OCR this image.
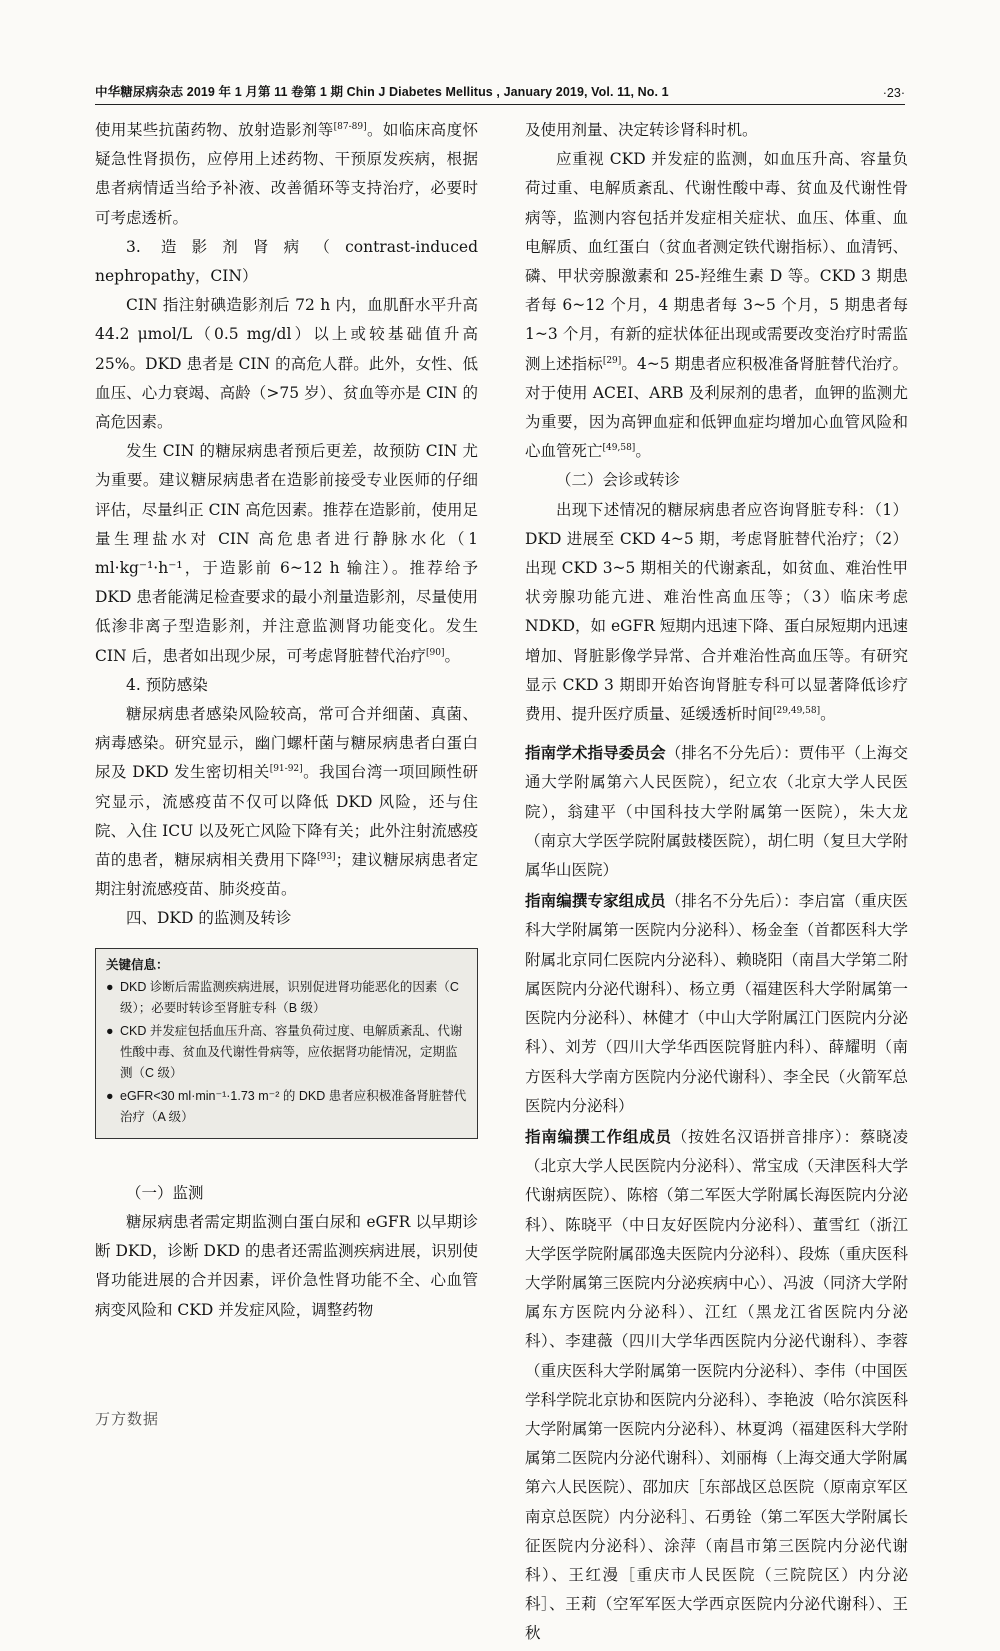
中华糖尿病杂志 2019 年 1 月第 11 卷第 1 期 Chin J Diabetes Mellitus , January 2019, Vol. 11, No. 1	·23·

使用某些抗菌药物、放射造影剂等[87-89]。如临床高度怀疑急性肾损伤，应停用上述药物、干预原发疾病，根据患者病情适当给予补液、改善循环等支持治疗，必要时可考虑透析。

3. 造影剂肾病（contrast-induced nephropathy，CIN）

CIN 指注射碘造影剂后 72 h 内，血肌酐水平升高 44.2 μmol/L（0.5 mg/dl）以上或较基础值升高 25%。DKD 患者是 CIN 的高危人群。此外，女性、低血压、心力衰竭、高龄（>75 岁）、贫血等亦是 CIN 的高危因素。

发生 CIN 的糖尿病患者预后更差，故预防 CIN 尤为重要。建议糖尿病患者在造影前接受专业医师的仔细评估，尽量纠正 CIN 高危因素。推荐在造影前，使用足量生理盐水对 CIN 高危患者进行静脉水化（1 ml·kg⁻¹·h⁻¹，于造影前 6~12 h 输注）。推荐给予 DKD 患者能满足检查要求的最小剂量造影剂，尽量使用低渗非离子型造影剂，并注意监测肾功能变化。发生 CIN 后，患者如出现少尿，可考虑肾脏替代治疗[90]。

4. 预防感染

糖尿病患者感染风险较高，常可合并细菌、真菌、病毒感染。研究显示，幽门螺杆菌与糖尿病患者白蛋白尿及 DKD 发生密切相关[91-92]。我国台湾一项回顾性研究显示，流感疫苗不仅可以降低 DKD 风险，还与住院、入住 ICU 以及死亡风险下降有关；此外注射流感疫苗的患者，糖尿病相关费用下降[93]；建议糖尿病患者定期注射流感疫苗、肺炎疫苗。

四、DKD 的监测及转诊
关键信息：
● DKD 诊断后需监测疾病进展，识别促进肾功能恶化的因素（C 级）；必要时转诊至肾脏专科（B 级）
● CKD 并发症包括血压升高、容量负荷过度、电解质紊乱、代谢性酸中毒、贫血及代谢性骨病等，应依据肾功能情况，定期监测（C 级）
● eGFR<30 ml·min⁻¹·1.73 m⁻² 的 DKD 患者应积极准备肾脏替代治疗（A 级）
（一）监测

糖尿病患者需定期监测白蛋白尿和 eGFR 以早期诊断 DKD，诊断 DKD 的患者还需监测疾病进展，识别使肾功能进展的合并因素，评价急性肾功能不全、心血管病变风险和 CKD 并发症风险，调整药物

及使用剂量、决定转诊肾科时机。

应重视 CKD 并发症的监测，如血压升高、容量负荷过重、电解质紊乱、代谢性酸中毒、贫血及代谢性骨病等，监测内容包括并发症相关症状、血压、体重、血电解质、血红蛋白（贫血者测定铁代谢指标）、血清钙、磷、甲状旁腺激素和 25-羟维生素 D 等。CKD 3 期患者每 6~12 个月，4 期患者每 3~5 个月，5 期患者每 1~3 个月，有新的症状体征出现或需要改变治疗时需监测上述指标[29]。4~5 期患者应积极准备肾脏替代治疗。对于使用 ACEI、ARB 及利尿剂的患者，血钾的监测尤为重要，因为高钾血症和低钾血症均增加心血管风险和心血管死亡[49,58]。

（二）会诊或转诊

出现下述情况的糖尿病患者应咨询肾脏专科：（1）DKD 进展至 CKD 4~5 期，考虑肾脏替代治疗；（2）出现 CKD 3~5 期相关的代谢紊乱，如贫血、难治性甲状旁腺功能亢进、难治性高血压等；（3）临床考虑 NDKD，如 eGFR 短期内迅速下降、蛋白尿短期内迅速增加、肾脏影像学异常、合并难治性高血压等。有研究显示 CKD 3 期即开始咨询肾脏专科可以显著降低诊疗费用、提升医疗质量、延缓透析时间[29,49,58]。

指南学术指导委员会（排名不分先后）：贾伟平（上海交通大学附属第六人民医院），纪立农（北京大学人民医院），翁建平（中国科技大学附属第一医院），朱大龙（南京大学医学院附属鼓楼医院），胡仁明（复旦大学附属华山医院）

指南编撰专家组成员（排名不分先后）：李启富（重庆医科大学附属第一医院内分泌科）、杨金奎（首都医科大学附属北京同仁医院内分泌科）、赖晓阳（南昌大学第二附属医院内分泌代谢科）、杨立勇（福建医科大学附属第一医院内分泌科）、林健才（中山大学附属江门医院内分泌科）、刘芳（四川大学华西医院肾脏内科）、薛耀明（南方医科大学南方医院内分泌代谢科）、李全民（火箭军总医院内分泌科）

指南编撰工作组成员（按姓名汉语拼音排序）：蔡晓凌（北京大学人民医院内分泌科）、常宝成（天津医科大学代谢病医院）、陈榕（第二军医大学附属长海医院内分泌科）、陈晓平（中日友好医院内分泌科）、董雪红（浙江大学医学院附属邵逸夫医院内分泌科）、段炼（重庆医科大学附属第三医院内分泌疾病中心）、冯波（同济大学附属东方医院内分泌科）、江红（黑龙江省医院内分泌科）、李建薇（四川大学华西医院内分泌代谢科）、李蓉（重庆医科大学附属第一医院内分泌科）、李伟（中国医学科学院北京协和医院内分泌科）、李艳波（哈尔滨医科大学附属第一医院内分泌科）、林夏鸿（福建医科大学附属第二医院内分泌代谢科）、刘丽梅（上海交通大学附属第六人民医院）、邵加庆［东部战区总医院（原南京军区南京总医院）内分泌科］、石勇铨（第二军医大学附属长征医院内分泌科）、涂萍（南昌市第三医院内分泌代谢科）、王红漫［重庆市人民医院（三院院区）内分泌科］、王莉（空军军医大学西京医院内分泌代谢科）、王秋

万方数据
